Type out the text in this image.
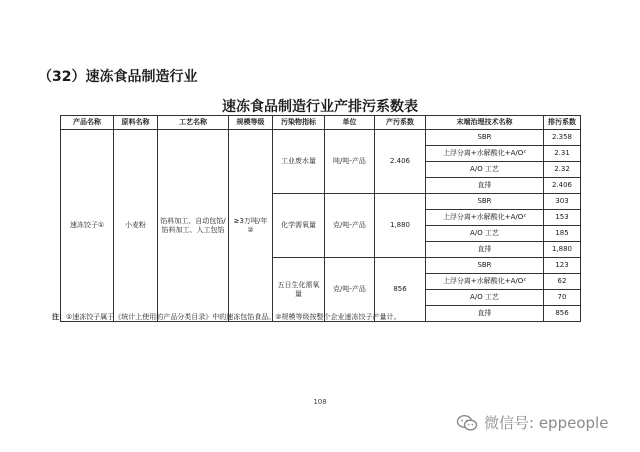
（32）速冻食品制造行业
速冻食品制造行业产排污系数表
产品名称	原料名称	工艺名称	规模等级	污染物指标	单位	产污系数	末端治理技术名称	排污系数
速冻饺子①	小麦粉	馅料加工、自动包馅/馅料加工、人工包馅	≥3万吨/年②	工业废水量	吨/吨-产品	2.406	SBR	2.358
							上浮分离+水解酸化+A/O²	2.31
							A/O 工艺	2.32
							直排	2.406
				化学需氧量	克/吨-产品	1,880	SBR	303
							上浮分离+水解酸化+A/O²	153
							A/O 工艺	185
							直排	1,880
				五日生化需氧量	克/吨-产品	856	SBR	123
							上浮分离+水解酸化+A/O²	62
							A/O 工艺	70
							直排	856
注：①速冻饺子属于《统计上使用的产品分类目录》中的速冻包馅食品。②规模等级按整个企业速冻饺子产量计。
108
微信号: eppeople
